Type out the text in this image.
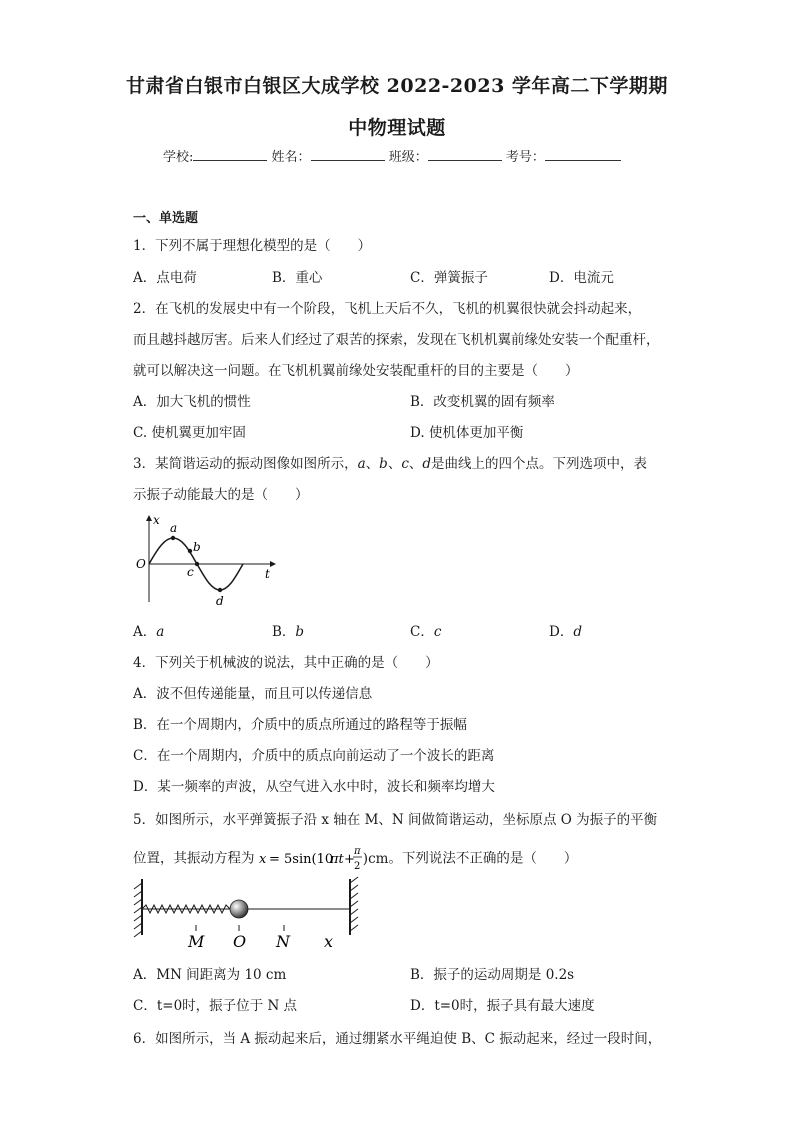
甘肃省白银市白银区大成学校 2022-2023 学年高二下学期期
中物理试题
学校:	姓名：	班级：	考号：
一、单选题
1．下列不属于理想化模型的是（　　）
A．点电荷	B．重心	C．弹簧振子	D．电流元
2．在飞机的发展史中有一个阶段，飞机上天后不久，飞机的机翼很快就会抖动起来，
而且越抖越厉害。后来人们经过了艰苦的探索，发现在飞机机翼前缘处安装一个配重杆，
就可以解决这一问题。在飞机机翼前缘处安装配重杆的目的主要是（　　）
A．加大飞机的惯性	B．改变机翼的固有频率
C. 使机翼更加牢固	D. 使机体更加平衡
3．某简谐运动的振动图像如图所示，a、b、c、d是曲线上的四个点。下列选项中，表
示振子动能最大的是（　　）
x
O
t
a
b
c
d
A．a	B．b	C．c	D．d
4．下列关于机械波的说法，其中正确的是（　　）
A．波不但传递能量，而且可以传递信息
B．在一个周期内，介质中的质点所通过的路程等于振幅
C．在一个周期内，介质中的质点向前运动了一个波长的距离
D．某一频率的声波，从空气进入水中时，波长和频率均增大
5．如图所示，水平弹簧振子沿 x 轴在 M、N 间做简谐运动，坐标原点 O 为振子的平衡
位置，其振动方程为 x = 5sin(10
πt +
π
2 )cm。下列说法不正确的是（　　）
M O N x
A．MN 间距离为 10 cm	B．振子的运动周期是 0.2s
C．t=0时，振子位于 N 点	D．t=0时，振子具有最大速度
6．如图所示，当 A 振动起来后，通过绷紧水平绳迫使 B、C 振动起来，经过一段时间，
